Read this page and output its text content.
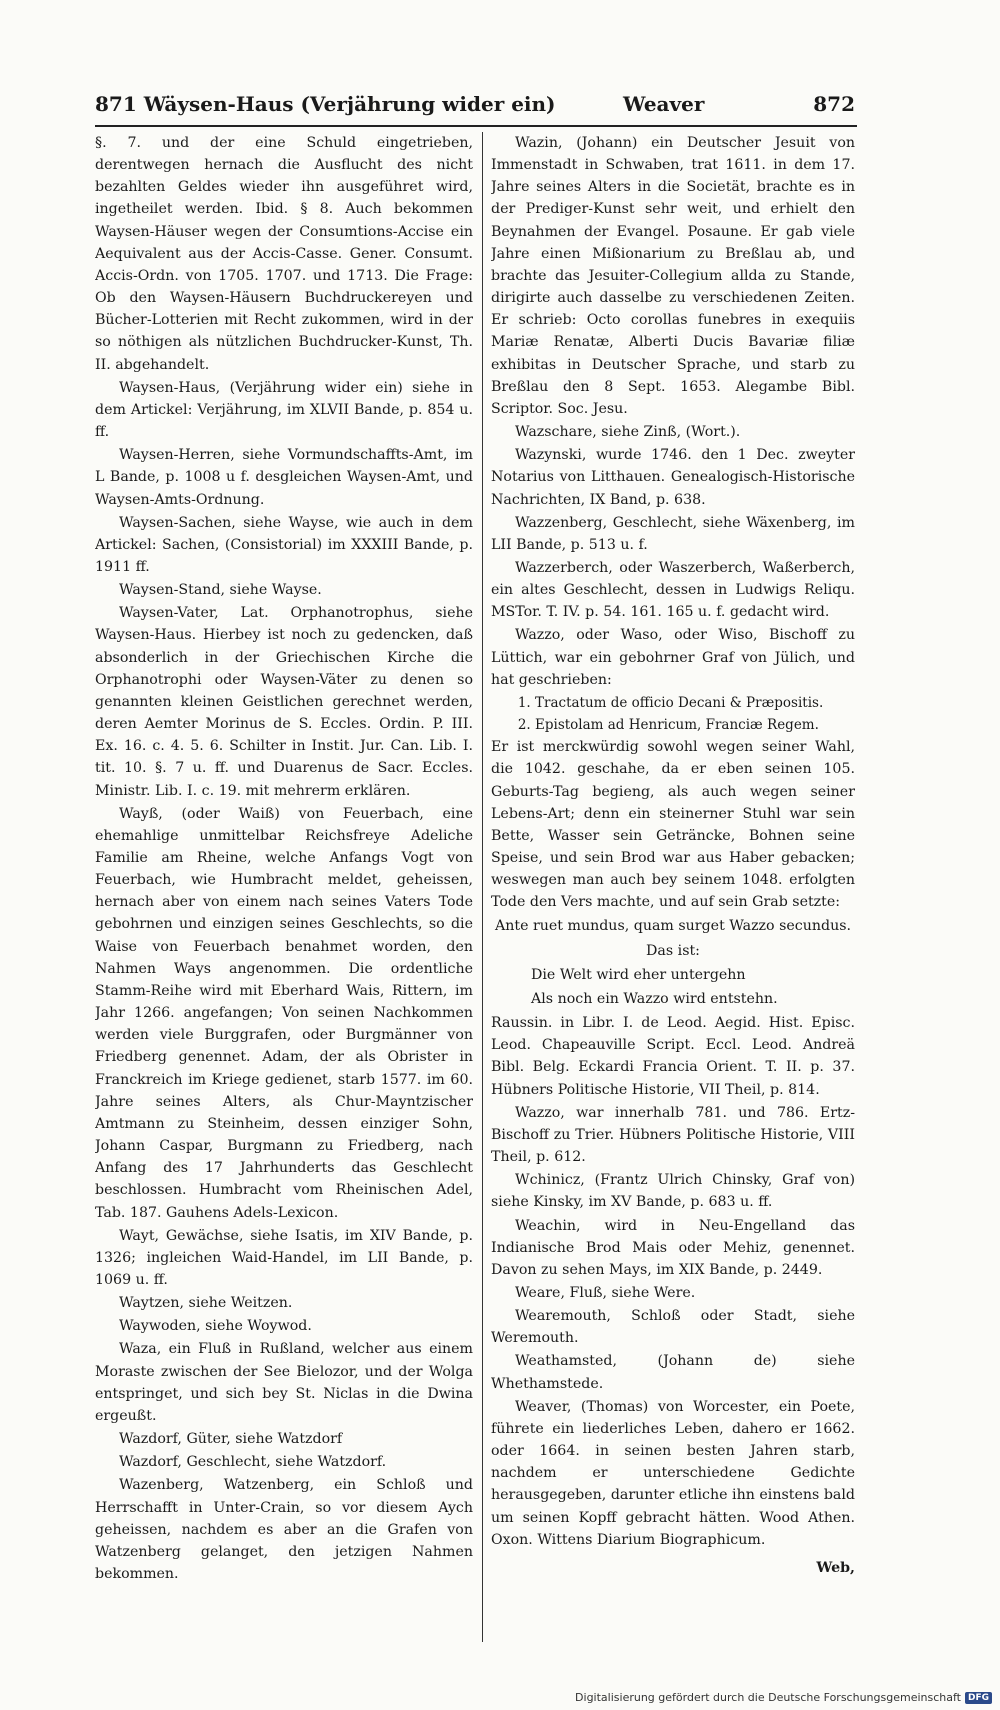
871 Wäysen-Haus (Verjährung wider ein)	Weaver	872

§. 7. und der eine Schuld eingetrieben, derentwegen hernach die Ausflucht des nicht bezahlten Geldes wieder ihn ausgeführet wird, ingetheilet werden. Ibid. § 8. Auch bekommen Waysen-Häuser wegen der Consumtions-Accise ein Aequivalent aus der Accis-Casse. Gener. Consumt. Accis-Ordn. von 1705. 1707. und 1713. Die Frage: Ob den Waysen-Häusern Buchdruckereyen und Bücher-Lotterien mit Recht zukommen, wird in der so nöthigen als nützlichen Buchdrucker-Kunst, Th. II. abgehandelt.

Waysen-Haus, (Verjährung wider ein) siehe in dem Artickel: Verjährung, im XLVII Bande, p. 854 u. ff.

Waysen-Herren, siehe Vormundschaffts-Amt, im L Bande, p. 1008 u f. desgleichen Waysen-Amt, und Waysen-Amts-Ordnung.

Waysen-Sachen, siehe Wayse, wie auch in dem Artickel: Sachen, (Consistorial) im XXXIII Bande, p. 1911 ff.

Waysen-Stand, siehe Wayse.

Waysen-Vater, Lat. Orphanotrophus, siehe Waysen-Haus. Hierbey ist noch zu gedencken, daß absonderlich in der Griechischen Kirche die Orphanotrophi oder Waysen-Väter zu denen so genannten kleinen Geistlichen gerechnet werden, deren Aemter Morinus de S. Eccles. Ordin. P. III. Ex. 16. c. 4. 5. 6. Schilter in Instit. Jur. Can. Lib. I. tit. 10. §. 7 u. ff. und Duarenus de Sacr. Eccles. Ministr. Lib. I. c. 19. mit mehrerm erklären.

Wayß, (oder Waiß) von Feuerbach, eine ehemahlige unmittelbar Reichsfreye Adeliche Familie am Rheine, welche Anfangs Vogt von Feuerbach, wie Humbracht meldet, geheissen, hernach aber von einem nach seines Vaters Tode gebohrnen und einzigen seines Geschlechts, so die Waise von Feuerbach benahmet worden, den Nahmen Ways angenommen. Die ordentliche Stamm-Reihe wird mit Eberhard Wais, Rittern, im Jahr 1266. angefangen; Von seinen Nachkommen werden viele Burggrafen, oder Burgmänner von Friedberg genennet. Adam, der als Obrister in Franckreich im Kriege gedienet, starb 1577. im 60. Jahre seines Alters, als Chur-Mayntzischer Amtmann zu Steinheim, dessen einziger Sohn, Johann Caspar, Burgmann zu Friedberg, nach Anfang des 17 Jahrhunderts das Geschlecht beschlossen. Humbracht vom Rheinischen Adel, Tab. 187. Gauhens Adels-Lexicon.

Wayt, Gewächse, siehe Isatis, im XIV Bande, p. 1326; ingleichen Waid-Handel, im LII Bande, p. 1069 u. ff.

Waytzen, siehe Weitzen.

Waywoden, siehe Woywod.

Waza, ein Fluß in Rußland, welcher aus einem Moraste zwischen der See Bielozor, und der Wolga entspringet, und sich bey St. Niclas in die Dwina ergeußt.

Wazdorf, Güter, siehe Watzdorf

Wazdorf, Geschlecht, siehe Watzdorf.

Wazenberg, Watzenberg, ein Schloß und Herrschafft in Unter-Crain, so vor diesem Aych geheissen, nachdem es aber an die Grafen von Watzenberg gelanget, den jetzigen Nahmen bekommen.

Wazin, (Johann) ein Deutscher Jesuit von Immenstadt in Schwaben, trat 1611. in dem 17. Jahre seines Alters in die Societät, brachte es in der Prediger-Kunst sehr weit, und erhielt den Beynahmen der Evangel. Posaune. Er gab viele Jahre einen Mißionarium zu Breßlau ab, und brachte das Jesuiter-Collegium allda zu Stande, dirigirte auch dasselbe zu verschiedenen Zeiten. Er schrieb: Octo corollas funebres in exequiis Mariæ Renatæ, Alberti Ducis Bavariæ filiæ exhibitas in Deutscher Sprache, und starb zu Breßlau den 8 Sept. 1653. Alegambe Bibl. Scriptor. Soc. Jesu.

Wazschare, siehe Zinß, (Wort.).

Wazynski, wurde 1746. den 1 Dec. zweyter Notarius von Litthauen. Genealogisch-Historische Nachrichten, IX Band, p. 638.

Wazzenberg, Geschlecht, siehe Wäxenberg, im LII Bande, p. 513 u. f.

Wazzerberch, oder Waszerberch, Waßerberch, ein altes Geschlecht, dessen in Ludwigs Reliqu. MSTor. T. IV. p. 54. 161. 165 u. f. gedacht wird.

Wazzo, oder Waso, oder Wiso, Bischoff zu Lüttich, war ein gebohrner Graf von Jülich, und hat geschrieben:

1. Tractatum de officio Decani & Præpositis.
2. Epistolam ad Henricum, Franciæ Regem.

Er ist merckwürdig sowohl wegen seiner Wahl, die 1042. geschahe, da er eben seinen 105. Geburts-Tag begieng, als auch wegen seiner Lebens-Art; denn ein steinerner Stuhl war sein Bette, Wasser sein Geträncke, Bohnen seine Speise, und sein Brod war aus Haber gebacken; weswegen man auch bey seinem 1048. erfolgten Tode den Vers machte, und auf sein Grab setzte:

Ante ruet mundus, quam surget Wazzo secundus.

Das ist:

Die Welt wird eher untergehn

Als noch ein Wazzo wird entstehn.

Raussin. in Libr. I. de Leod. Aegid. Hist. Episc. Leod. Chapeauville Script. Eccl. Leod. Andreä Bibl. Belg. Eckardi Francia Orient. T. II. p. 37. Hübners Politische Historie, VII Theil, p. 814.

Wazzo, war innerhalb 781. und 786. Ertz-Bischoff zu Trier. Hübners Politische Historie, VIII Theil, p. 612.

Wchinicz, (Frantz Ulrich Chinsky, Graf von) siehe Kinsky, im XV Bande, p. 683 u. ff.

Weachin, wird in Neu-Engelland das Indianische Brod Mais oder Mehiz, genennet. Davon zu sehen Mays, im XIX Bande, p. 2449.

Weare, Fluß, siehe Were.

Wearemouth, Schloß oder Stadt, siehe Weremouth.

Weathamsted, (Johann de) siehe Whethamstede.

Weaver, (Thomas) von Worcester, ein Poete, führete ein liederliches Leben, dahero er 1662. oder 1664. in seinen besten Jahren starb, nachdem er unterschiedene Gedichte herausgegeben, darunter etliche ihn einstens bald um seinen Kopff gebracht hätten. Wood Athen. Oxon. Wittens Diarium Biographicum.

Web,

Digitalisierung gefördert durch die Deutsche Forschungsgemeinschaft DFG
